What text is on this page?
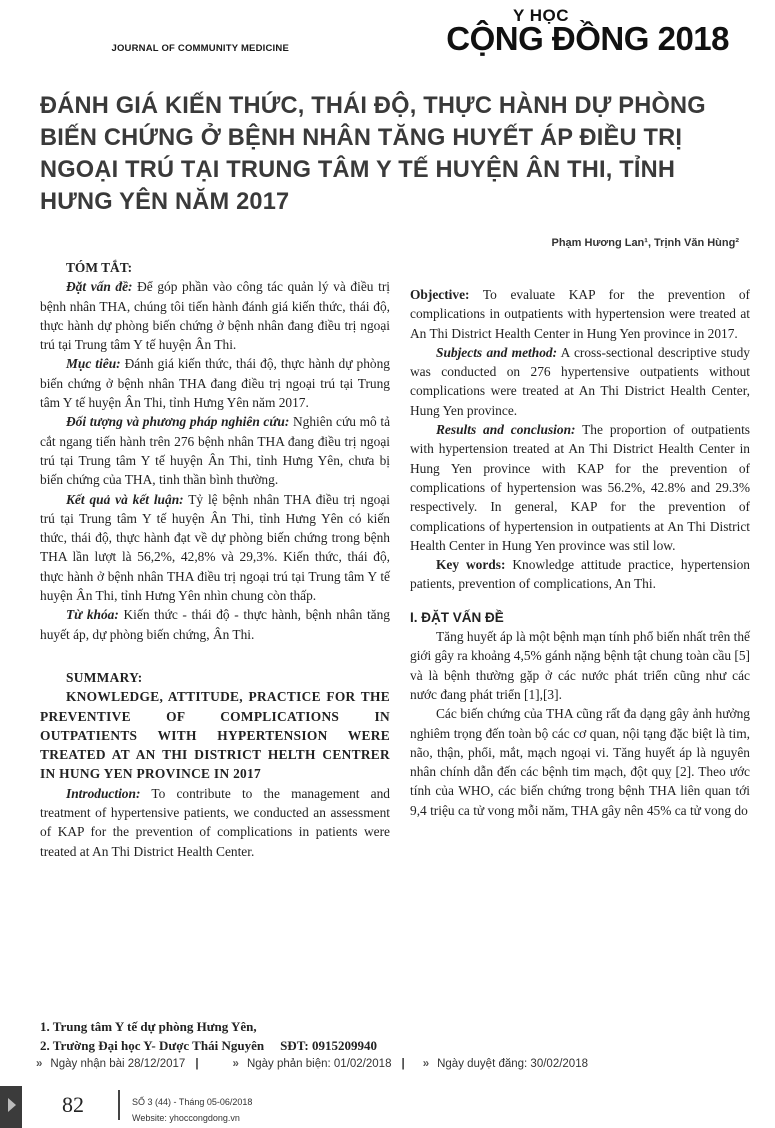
JOURNAL OF COMMUNITY MEDICINE
Y HỌC
CỘNG ĐỒNG 2018
ĐÁNH GIÁ KIẾN THỨC, THÁI ĐỘ, THỰC HÀNH DỰ PHÒNG BIẾN CHỨNG Ở BỆNH NHÂN TĂNG HUYẾT ÁP ĐIỀU TRỊ NGOẠI TRÚ TẠI TRUNG TÂM Y TẾ HUYỆN ÂN THI, TỈNH HƯNG YÊN NĂM 2017
Phạm Hương Lan¹, Trịnh Văn Hùng²

TÓM TẮT:

Đặt vấn đề: Để góp phần vào công tác quản lý và điều trị bệnh nhân THA, chúng tôi tiến hành đánh giá kiến thức, thái độ, thực hành dự phòng biến chứng ở bệnh nhân đang điều trị ngoại trú tại Trung tâm Y tế huyện Ân Thi.

Mục tiêu: Đánh giá kiến thức, thái độ, thực hành dự phòng biến chứng ở bệnh nhân THA đang điều trị ngoại trú tại Trung tâm Y tế huyện Ân Thi, tỉnh Hưng Yên năm 2017.

Đối tượng và phương pháp nghiên cứu: Nghiên cứu mô tả cắt ngang tiến hành trên 276 bệnh nhân THA đang điều trị ngoại trú tại Trung tâm Y tế huyện Ân Thi, tỉnh Hưng Yên, chưa bị biến chứng của THA, tinh thần bình thường.

Kết quả và kết luận: Tỷ lệ bệnh nhân THA điều trị ngoại trú tại Trung tâm Y tế huyện Ân Thi, tỉnh Hưng Yên có kiến thức, thái độ, thực hành đạt về dự phòng biến chứng trong bệnh THA lần lượt là 56,2%, 42,8% và 29,3%. Kiến thức, thái độ, thực hành ở bệnh nhân THA điều trị ngoại trú tại Trung tâm Y tế huyện Ân Thi, tỉnh Hưng Yên nhìn chung còn thấp.

Từ khóa: Kiến thức - thái độ - thực hành, bệnh nhân tăng huyết áp, dự phòng biến chứng, Ân Thi.

SUMMARY:

KNOWLEDGE, ATTITUDE, PRACTICE FOR THE PREVENTIVE OF COMPLICATIONS IN OUTPATIENTS WITH HYPERTENSION WERE TREATED AT AN THI DISTRICT HELTH CENTRER IN HUNG YEN PROVINCE IN 2017

Introduction: To contribute to the management and treatment of hypertensive patients, we conducted an assessment of KAP for the prevention of complications in patients were treated at An Thi District Health Center.

Objective: To evaluate KAP for the prevention of complications in outpatients with hypertension were treated at An Thi District Health Center in Hung Yen province in 2017.

Subjects and method: A cross-sectional descriptive study was conducted on 276 hypertensive outpatients without complications were treated at An Thi District Health Center, Hung Yen province.

Results and conclusion: The proportion of outpatients with hypertension treated at An Thi District Health Center in Hung Yen province with KAP for the prevention of complications of hypertension was 56.2%, 42.8% and 29.3% respectively. In general, KAP for the prevention of complications of hypertension in outpatients at An Thi District Health Center in Hung Yen province was stil low.

Key words: Knowledge attitude practice, hypertension patients, prevention of complications, An Thi.

I. ĐẶT VẤN ĐỀ

Tăng huyết áp là một bệnh mạn tính phổ biến nhất trên thế giới gây ra khoảng 4,5% gánh nặng bệnh tật chung toàn cầu [5] và là bệnh thường gặp ở các nước phát triển cũng như các nước đang phát triển [1],[3].

Các biến chứng của THA cũng rất đa dạng gây ảnh hưởng nghiêm trọng đến toàn bộ các cơ quan, nội tạng đặc biệt là tim, não, thận, phổi, mắt, mạch ngoại vi. Tăng huyết áp là nguyên nhân chính dẫn đến các bệnh tim mạch, đột quỵ [2]. Theo ước tính của WHO, các biến chứng trong bệnh THA liên quan tới 9,4 triệu ca tử vong mỗi năm, THA gây nên 45% ca tử vong do

1. Trung tâm Y tế dự phòng Hưng Yên,
2. Trường Đại học Y- Dược Thái Nguyên SĐT: 0915209940
» Ngày nhận bài 28/12/2017 |	» Ngày phản biện: 01/02/2018 | » Ngày duyệt đăng: 30/02/2018
82	SỐ 3 (44) - Tháng 05-06/2018
Website: yhoccongdong.vn
